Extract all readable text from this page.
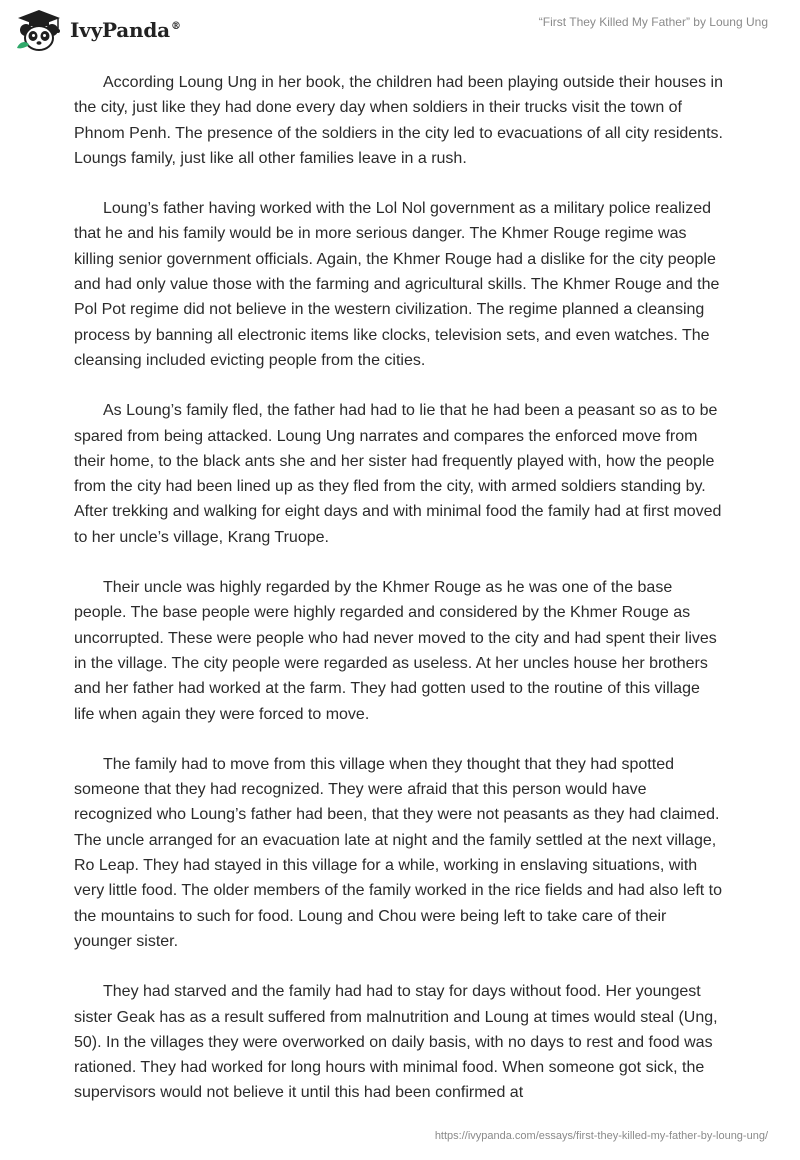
IvyPanda®	“First They Killed My Father” by Loung Ung

According Loung Ung in her book, the children had been playing outside their houses in the city, just like they had done every day when soldiers in their trucks visit the town of Phnom Penh. The presence of the soldiers in the city led to evacuations of all city residents. Loungs family, just like all other families leave in a rush.

Loung’s father having worked with the Lol Nol government as a military police realized that he and his family would be in more serious danger. The Khmer Rouge regime was killing senior government officials. Again, the Khmer Rouge had a dislike for the city people and had only value those with the farming and agricultural skills. The Khmer Rouge and the Pol Pot regime did not believe in the western civilization. The regime planned a cleansing process by banning all electronic items like clocks, television sets, and even watches. The cleansing included evicting people from the cities.

As Loung’s family fled, the father had had to lie that he had been a peasant so as to be spared from being attacked. Loung Ung narrates and compares the enforced move from their home, to the black ants she and her sister had frequently played with, how the people from the city had been lined up as they fled from the city, with armed soldiers standing by. After trekking and walking for eight days and with minimal food the family had at first moved to her uncle’s village, Krang Truope.

Their uncle was highly regarded by the Khmer Rouge as he was one of the base people. The base people were highly regarded and considered by the Khmer Rouge as uncorrupted. These were people who had never moved to the city and had spent their lives in the village. The city people were regarded as useless. At her uncles house her brothers and her father had worked at the farm. They had gotten used to the routine of this village life when again they were forced to move.

The family had to move from this village when they thought that they had spotted someone that they had recognized. They were afraid that this person would have recognized who Loung’s father had been, that they were not peasants as they had claimed. The uncle arranged for an evacuation late at night and the family settled at the next village, Ro Leap. They had stayed in this village for a while, working in enslaving situations, with very little food. The older members of the family worked in the rice fields and had also left to the mountains to such for food. Loung and Chou were being left to take care of their younger sister.

They had starved and the family had had to stay for days without food. Her youngest sister Geak has as a result suffered from malnutrition and Loung at times would steal (Ung, 50). In the villages they were overworked on daily basis, with no days to rest and food was rationed. They had worked for long hours with minimal food. When someone got sick, the supervisors would not believe it until this had been confirmed at

https://ivypanda.com/essays/first-they-killed-my-father-by-loung-ung/
